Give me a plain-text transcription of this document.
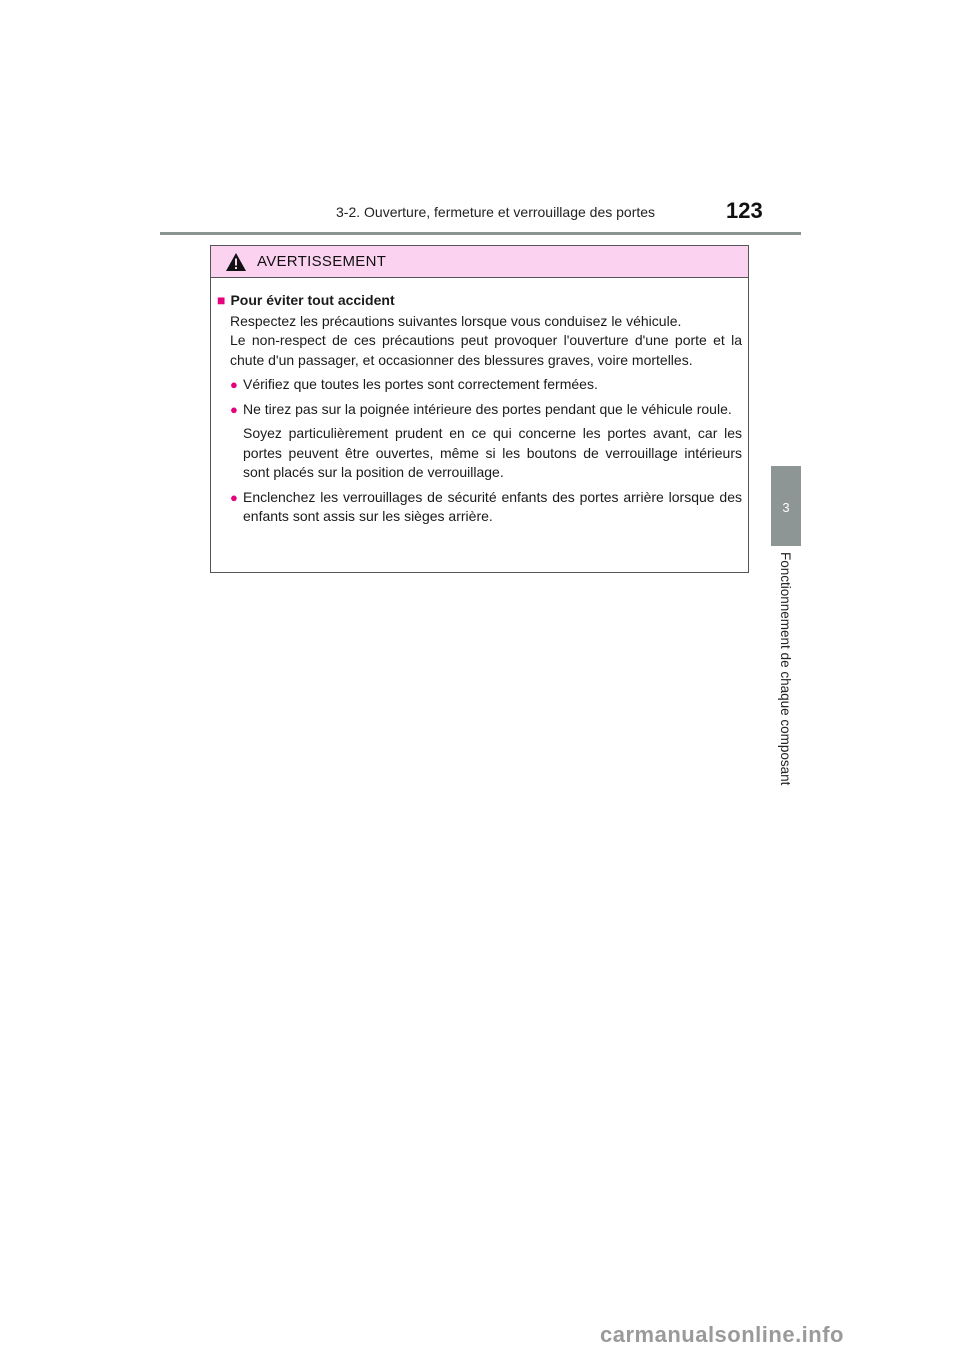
3-2. Ouverture, fermeture et verrouillage des portes	123
3
Fonctionnement de chaque composant
AVERTISSEMENT
■ Pour éviter tout accident
Respectez les précautions suivantes lorsque vous conduisez le véhicule.
Le non-respect de ces précautions peut provoquer l'ouverture d'une porte et la chute d'un passager, et occasionner des blessures graves, voire mortelles.
● Vérifiez que toutes les portes sont correctement fermées.
● Ne tirez pas sur la poignée intérieure des portes pendant que le véhicule roule.
Soyez particulièrement prudent en ce qui concerne les portes avant, car les portes peuvent être ouvertes, même si les boutons de verrouillage intérieurs sont placés sur la position de verrouillage.
● Enclenchez les verrouillages de sécurité enfants des portes arrière lorsque des enfants sont assis sur les sièges arrière.
carmanualsonline.info
